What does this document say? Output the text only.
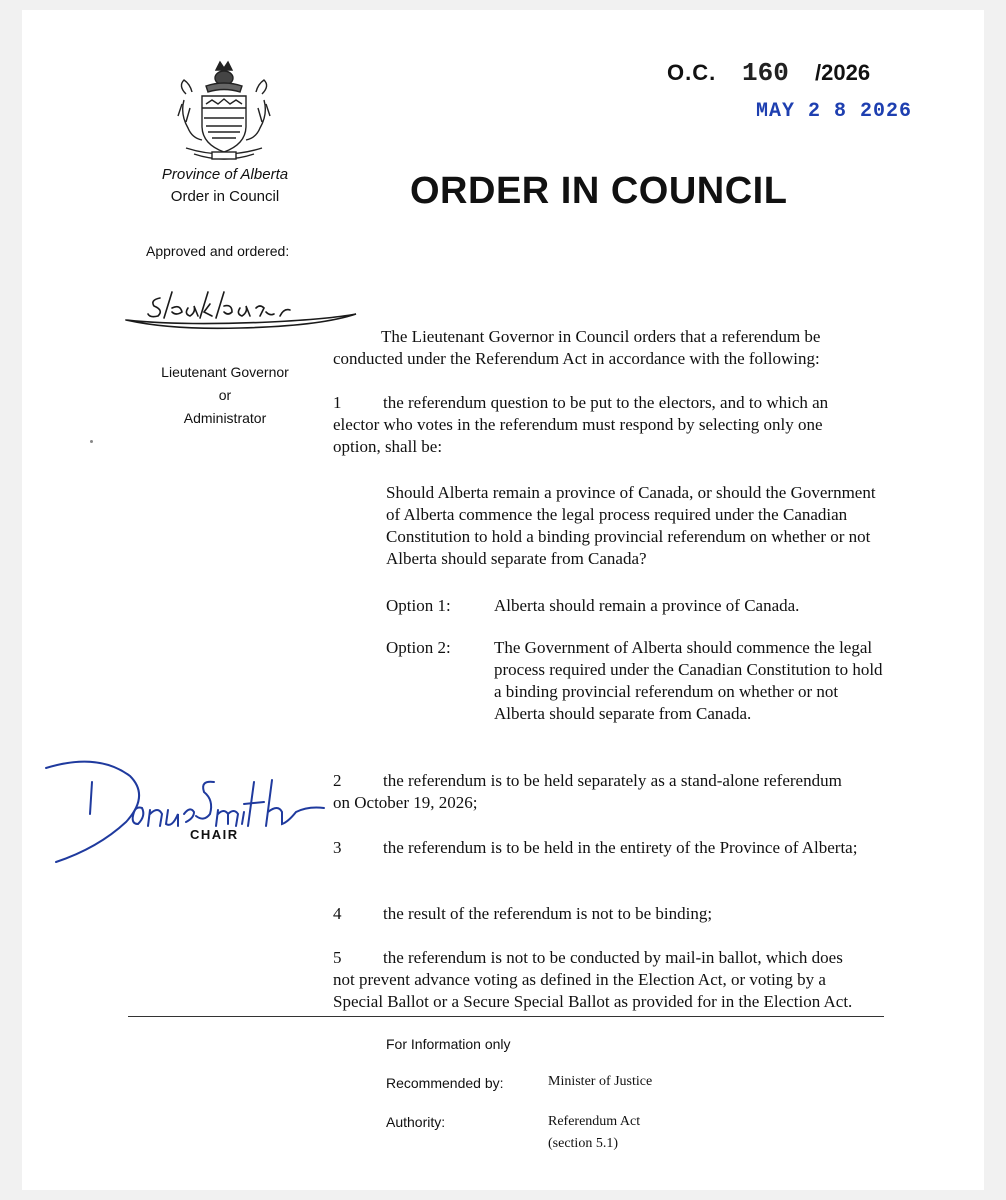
Province of Alberta
Order in Council
O.C. 160 /2026
MAY 2 8 2026
ORDER IN COUNCIL
Approved and ordered:
Lieutenant Governor
or
Administrator
The Lieutenant Governor in Council orders that a referendum be conducted under the Referendum Act in accordance with the following:
1 the referendum question to be put to the electors, and to which an elector who votes in the referendum must respond by selecting only one option, shall be:
Should Alberta remain a province of Canada, or should the Government of Alberta commence the legal process required under the Canadian Constitution to hold a binding provincial referendum on whether or not Alberta should separate from Canada?
Option 1:	Alberta should remain a province of Canada.
Option 2:	The Government of Alberta should commence the legal process required under the Canadian Constitution to hold a binding provincial referendum on whether or not Alberta should separate from Canada.
2 the referendum is to be held separately as a stand-alone referendum on October 19, 2026;
3 the referendum is to be held in the entirety of the Province of Alberta;
4 the result of the referendum is not to be binding;
5 the referendum is not to be conducted by mail-in ballot, which does not prevent advance voting as defined in the Election Act, or voting by a Special Ballot or a Secure Special Ballot as provided for in the Election Act.
CHAIR
For Information only
Recommended by:	Minister of Justice
Authority:	Referendum Act
(section 5.1)
